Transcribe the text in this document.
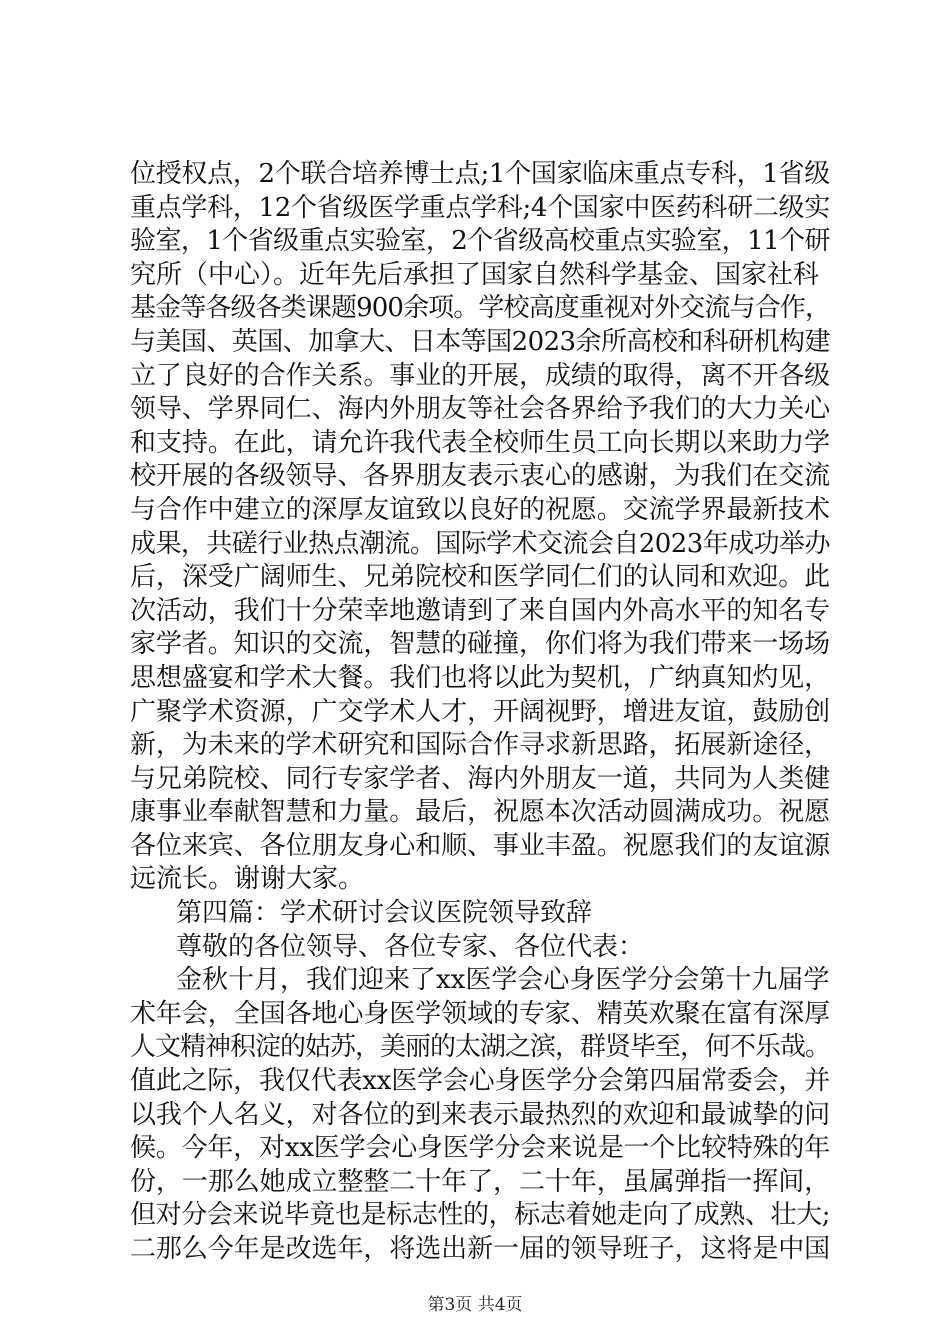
位授权点，2个联合培养博士点;1个国家临床重点专科，1省级
重点学科，12个省级医学重点学科;4个国家中医药科研二级实
验室，1个省级重点实验室，2个省级高校重点实验室，11个研
究所（中心）。近年先后承担了国家自然科学基金、国家社科
基金等各级各类课题900余项。学校高度重视对外交流与合作，
与美国、英国、加拿大、日本等国2023余所高校和科研机构建
立了良好的合作关系。事业的开展，成绩的取得，离不开各级
领导、学界同仁、海内外朋友等社会各界给予我们的大力关心
和支持。在此，请允许我代表全校师生员工向长期以来助力学
校开展的各级领导、各界朋友表示衷心的感谢，为我们在交流
与合作中建立的深厚友谊致以良好的祝愿。交流学界最新技术
成果，共磋行业热点潮流。国际学术交流会自2023年成功举办
后，深受广阔师生、兄弟院校和医学同仁们的认同和欢迎。此
次活动，我们十分荣幸地邀请到了来自国内外高水平的知名专
家学者。知识的交流，智慧的碰撞，你们将为我们带来一场场
思想盛宴和学术大餐。我们也将以此为契机，广纳真知灼见，
广聚学术资源，广交学术人才，开阔视野，增进友谊，鼓励创
新，为未来的学术研究和国际合作寻求新思路，拓展新途径，
与兄弟院校、同行专家学者、海内外朋友一道，共同为人类健
康事业奉献智慧和力量。最后，祝愿本次活动圆满成功。祝愿
各位来宾、各位朋友身心和顺、事业丰盈。祝愿我们的友谊源
远流长。谢谢大家。
第四篇：学术研讨会议医院领导致辞
尊敬的各位领导、各位专家、各位代表：
金秋十月，我们迎来了xx医学会心身医学分会第十九届学
术年会，全国各地心身医学领域的专家、精英欢聚在富有深厚
人文精神积淀的姑苏，美丽的太湖之滨，群贤毕至，何不乐哉。
值此之际，我仅代表xx医学会心身医学分会第四届常委会，并
以我个人名义，对各位的到来表示最热烈的欢迎和最诚挚的问
候。今年，对xx医学会心身医学分会来说是一个比较特殊的年
份，一那么她成立整整二十年了，二十年，虽属弹指一挥间，
但对分会来说毕竟也是标志性的，标志着她走向了成熟、壮大;
二那么今年是改选年，将选出新一届的领导班子，这将是中国
第3页 共4页
